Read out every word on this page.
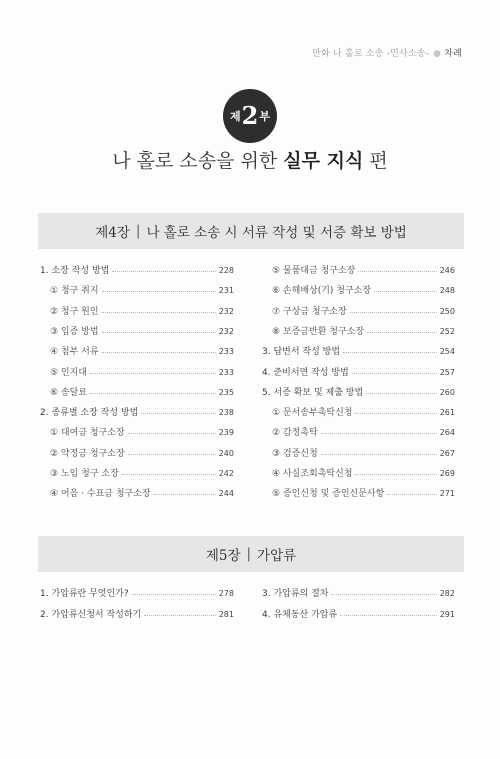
만화 나 홀로 소송 -민사소송- ● 차례
제 2 부
나 홀로 소송을 위한 실무 지식 편
제4장 | 나 홀로 소송 시 서류 작성 및 서증 확보 방법
1. 소장 작성 방법	228
① 청구 취지	231
② 청구 원인	232
③ 입증 방법	232
④ 첨부 서류	233
⑤ 인지대	233
⑥ 송달료	235
2. 종류별 소장 작성 방법	238
① 대여금 청구소장	239
② 약정금 청구소장	240
③ 노임 청구 소장	242
④ 어음 · 수표금 청구소장	244
⑤ 물품대금 청구소장	246
⑥ 손해배상(기) 청구소장	248
⑦ 구상금 청구소장	250
⑧ 보증금반환 청구소장	252
3. 답변서 작성 방법	254
4. 준비서면 작성 방법	257
5. 서증 확보 및 제출 방법	260
① 문서송부촉탁신청	261
② 감정촉탁	264
③ 검증신청	267
④ 사실조회촉탁신청	269
⑤ 증인신청 및 증인신문사항	271
제5장 | 가압류
1. 가압류란 무엇인가?	278
2. 가압류신청서 작성하기	281
3. 가압류의 절차	282
4. 유체동산 가압류	291
